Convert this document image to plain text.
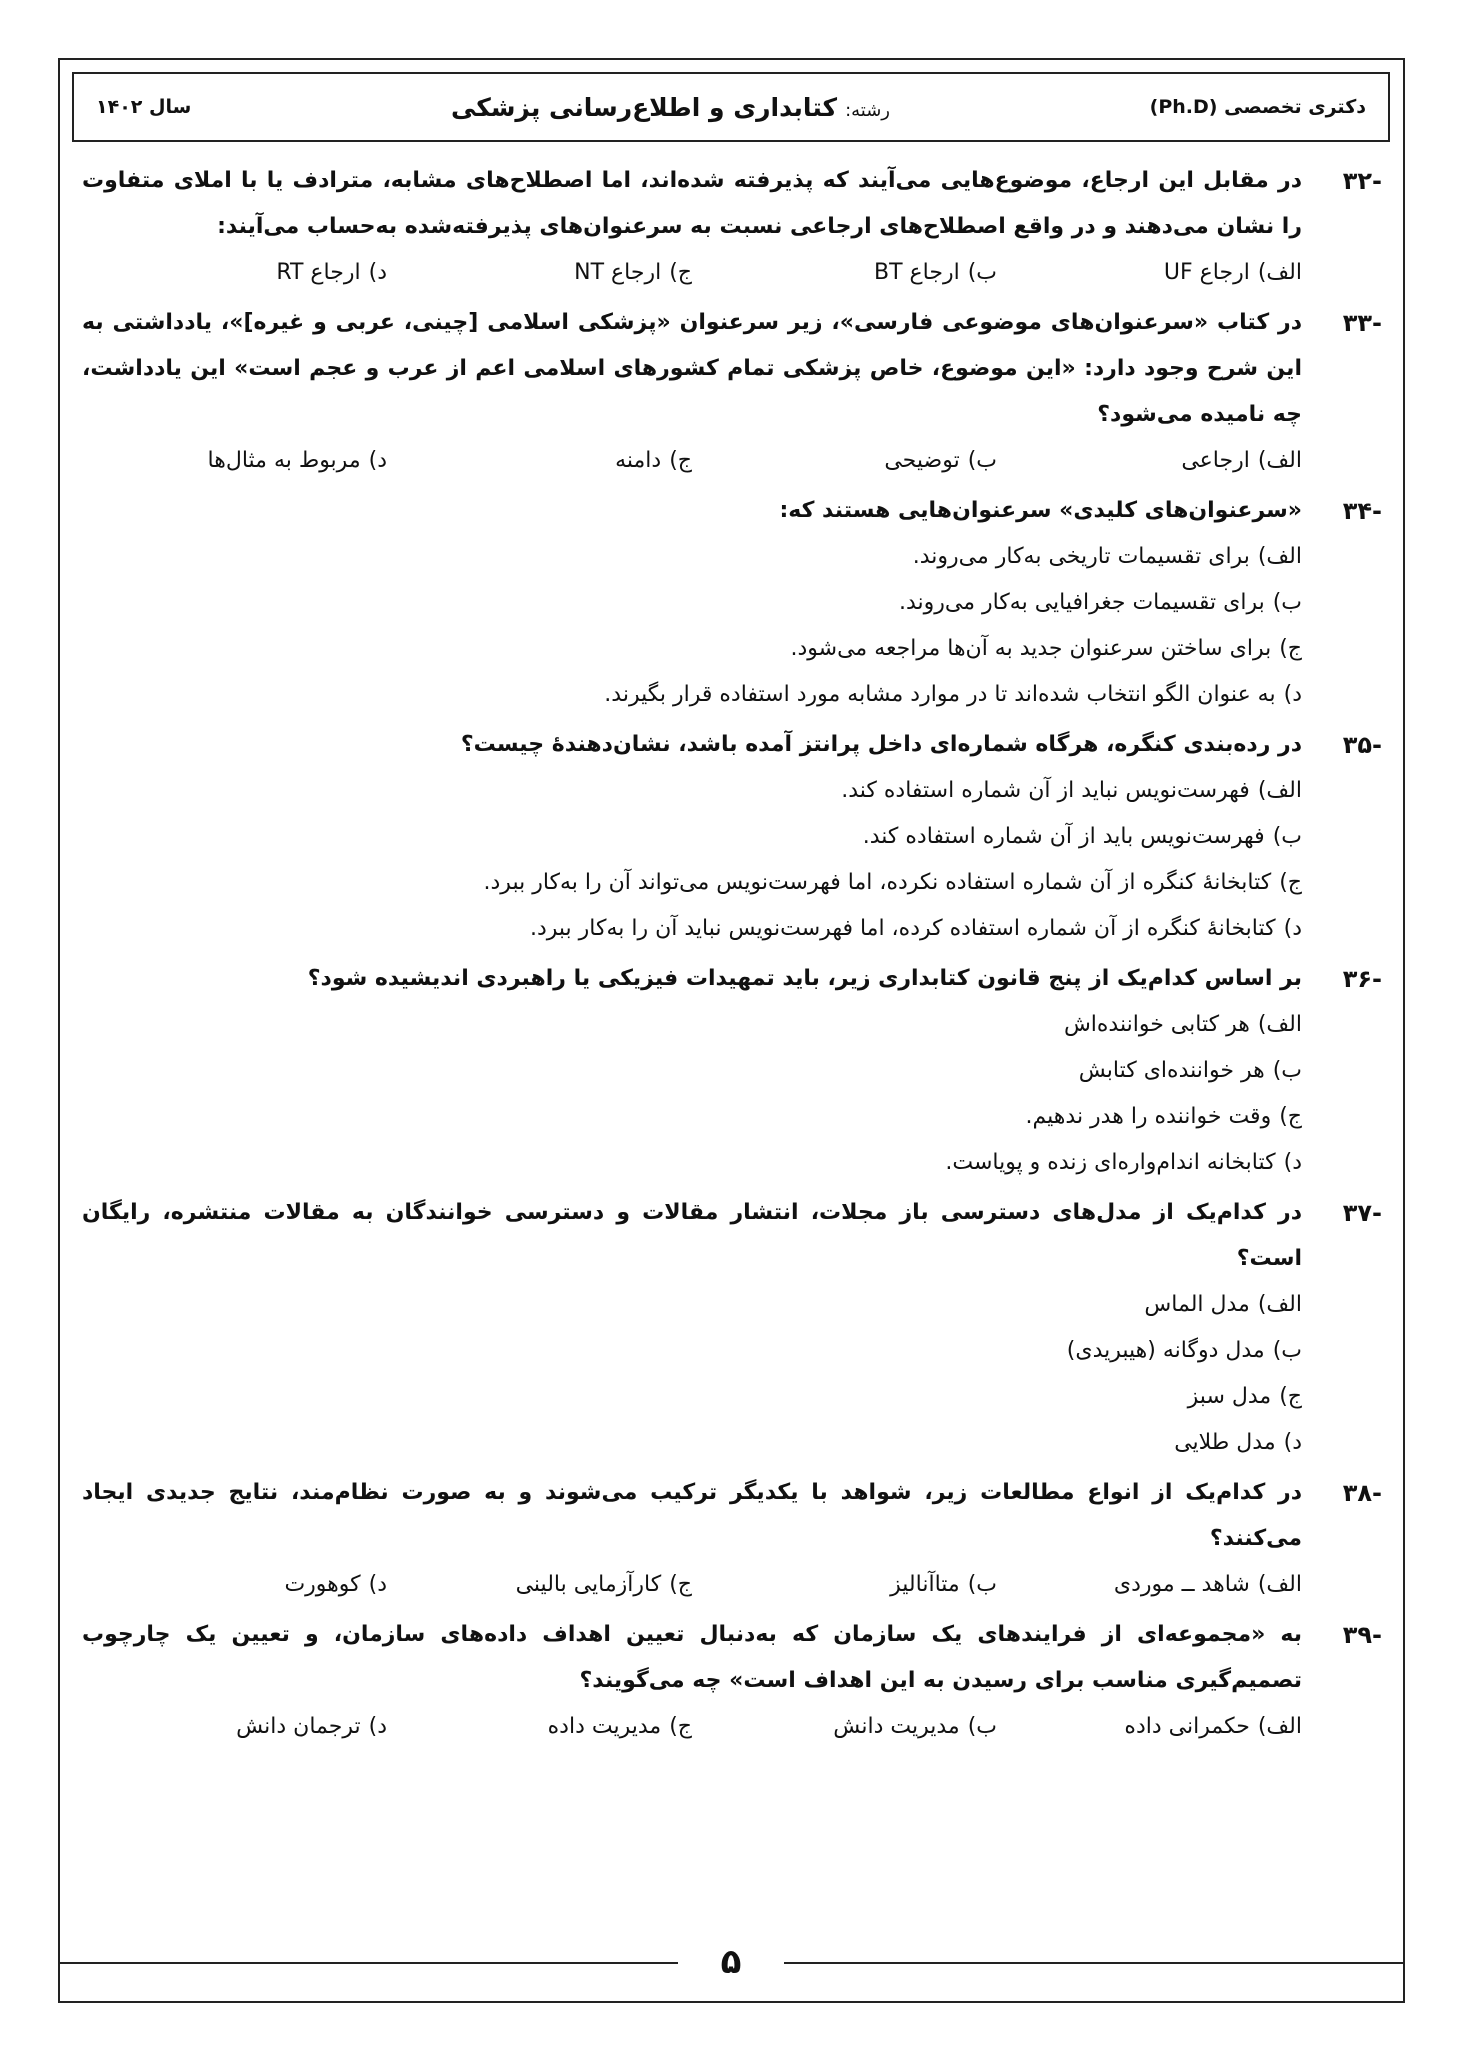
دکتری تخصصی (Ph.D)
رشته:
کتابداری و اطلاع‌رسانی پزشکی
سال ۱۴۰۲
-۳۲
در مقابل این ارجاع، موضوع‌هایی می‌آیند که پذیرفته شده‌اند، اما اصطلاح‌های مشابه، مترادف یا با املای متفاوت را نشان می‌دهند و در واقع اصطلاح‌های ارجاعی نسبت به سرعنوان‌های پذیرفته‌شده به‌حساب می‌آیند:
الف)ارجاع UF
ب)ارجاع BT
ج)ارجاع NT
د)ارجاع RT
-۳۳
در کتاب «سرعنوان‌های موضوعی فارسی»، زیر سرعنوان «پزشکی اسلامی [چینی، عربی و غیره]»، یادداشتی به این شرح وجود دارد: «این موضوع، خاص پزشکی تمام کشورهای اسلامی اعم از عرب و عجم است» این یادداشت، چه نامیده می‌شود؟
الف)ارجاعی
ب)توضیحی
ج)دامنه
د)مربوط به مثال‌ها
-۳۴
«سرعنوان‌های کلیدی» سرعنوان‌هایی هستند که:
الف)برای تقسیمات تاریخی به‌کار می‌روند.
ب)برای تقسیمات جغرافیایی به‌کار می‌روند.
ج)برای ساختن سرعنوان جدید به آن‌ها مراجعه می‌شود.
د)به عنوان الگو انتخاب شده‌اند تا در موارد مشابه مورد استفاده قرار بگیرند.
-۳۵
در رده‌بندی کنگره، هرگاه شماره‌ای داخل پرانتز آمده باشد، نشان‌دهندهٔ چیست؟
الف)فهرست‌نویس نباید از آن شماره استفاده کند.
ب)فهرست‌نویس باید از آن شماره استفاده کند.
ج)کتابخانهٔ کنگره از آن شماره استفاده نکرده، اما فهرست‌نویس می‌تواند آن را به‌کار ببرد.
د)کتابخانهٔ کنگره از آن شماره استفاده کرده، اما فهرست‌نویس نباید آن را به‌کار ببرد.
-۳۶
بر اساس کدام‌یک از پنج قانون کتابداری زیر، باید تمهیدات فیزیکی یا راهبردی اندیشیده شود؟
الف)هر کتابی خواننده‌اش
ب)هر خواننده‌ای کتابش
ج)وقت خواننده را هدر ندهیم.
د)کتابخانه اندام‌واره‌ای زنده و پویاست.
-۳۷
در کدام‌یک از مدل‌های دسترسی باز مجلات، انتشار مقالات و دسترسی خوانندگان به مقالات منتشره، رایگان است؟
الف)مدل الماس
ب)مدل دوگانه (هیبریدی)
ج)مدل سبز
د)مدل طلایی
-۳۸
در کدام‌یک از انواع مطالعات زیر، شواهد با یکدیگر ترکیب می‌شوند و به صورت نظام‌مند، نتایج جدیدی ایجاد می‌کنند؟
الف)شاهد ــ موردی
ب)متاآنالیز
ج)کارآزمایی بالینی
د)کوهورت
-۳۹
به «مجموعه‌ای از فرایندهای یک سازمان که به‌دنبال تعیین اهداف داده‌های سازمان، و تعیین یک چارچوب تصمیم‌گیری مناسب برای رسیدن به این اهداف است» چه می‌گویند؟
الف)حکمرانی داده
ب)مدیریت دانش
ج)مدیریت داده
د)ترجمان دانش
۵
